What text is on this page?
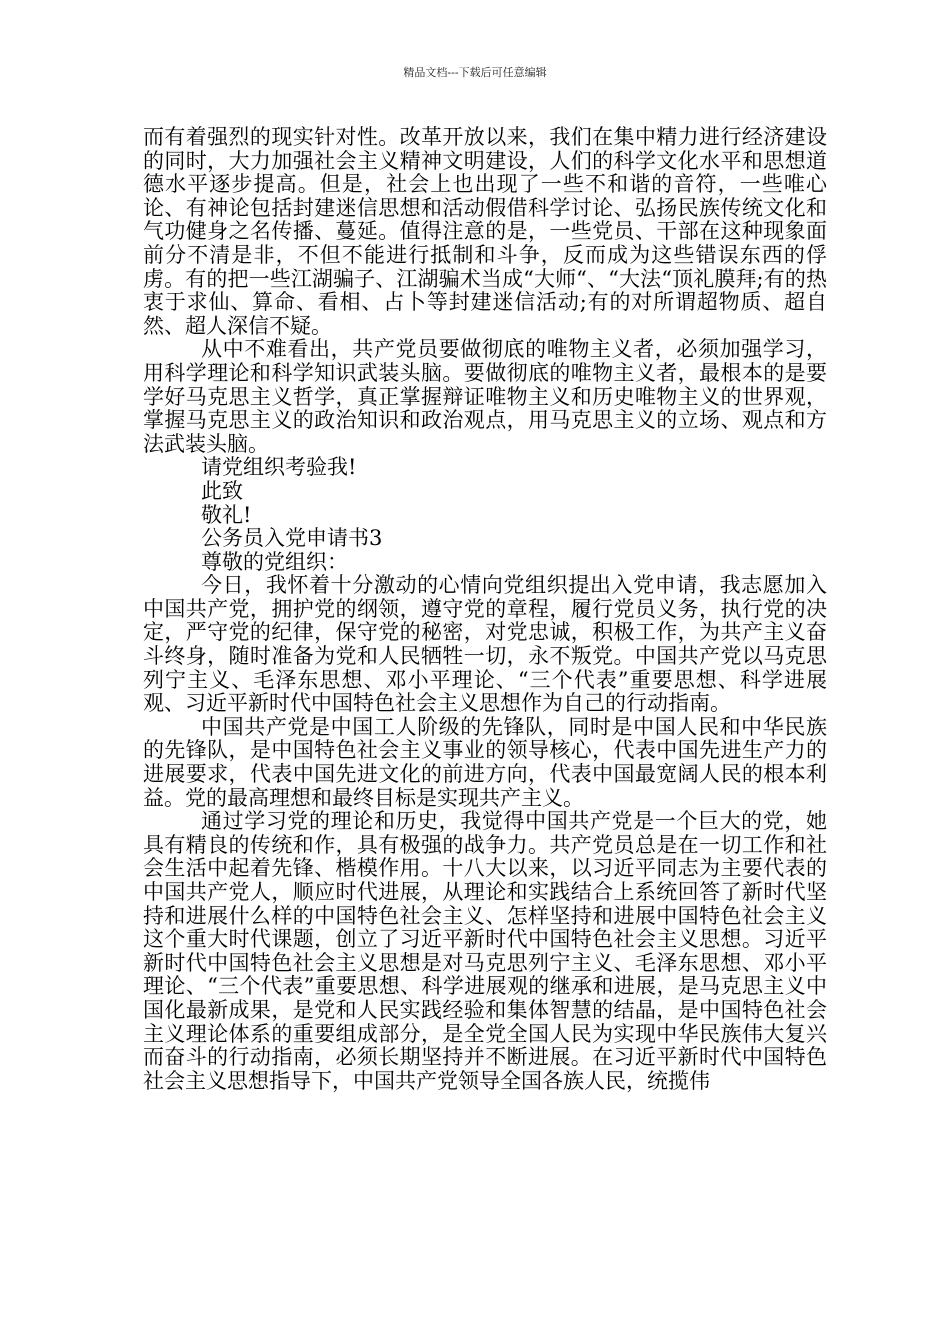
精品文档---下载后可任意编辑

而有着强烈的现实针对性。改革开放以来，我们在集中精力进行经济建设的同时，大力加强社会主义精神文明建设，人们的科学文化水平和思想道德水平逐步提高。但是，社会上也出现了一些不和谐的音符，一些唯心论、有神论包括封建迷信思想和活动假借科学讨论、弘扬民族传统文化和气功健身之名传播、蔓延。值得注意的是，一些党员、干部在这种现象面前分不清是非，不但不能进行抵制和斗争，反而成为这些错误东西的俘虏。有的把一些江湖骗子、江湖骗术当成“大师“、“大法“顶礼膜拜;有的热衷于求仙、算命、看相、占卜等封建迷信活动;有的对所谓超物质、超自然、超人深信不疑。

从中不难看出，共产党员要做彻底的唯物主义者，必须加强学习，用科学理论和科学知识武装头脑。要做彻底的唯物主义者，最根本的是要学好马克思主义哲学，真正掌握辩证唯物主义和历史唯物主义的世界观，掌握马克思主义的政治知识和政治观点，用马克思主义的立场、观点和方法武装头脑。

请党组织考验我!

此致

敬礼!

公务员入党申请书3

尊敬的党组织：

今日，我怀着十分激动的心情向党组织提出入党申请，我志愿加入中国共产党，拥护党的纲领，遵守党的章程，履行党员义务，执行党的决定，严守党的纪律，保守党的秘密，对党忠诚，积极工作，为共产主义奋斗终身，随时准备为党和人民牺牲一切，永不叛党。中国共产党以马克思列宁主义、毛泽东思想、邓小平理论、“三个代表”重要思想、科学进展观、习近平新时代中国特色社会主义思想作为自己的行动指南。

中国共产党是中国工人阶级的先锋队，同时是中国人民和中华民族的先锋队，是中国特色社会主义事业的领导核心，代表中国先进生产力的进展要求，代表中国先进文化的前进方向，代表中国最宽阔人民的根本利益。党的最高理想和最终目标是实现共产主义。

通过学习党的理论和历史，我觉得中国共产党是一个巨大的党，她具有精良的传统和作，具有极强的战争力。共产党员总是在一切工作和社会生活中起着先锋、楷模作用。十八大以来，以习近平同志为主要代表的中国共产党人，顺应时代进展，从理论和实践结合上系统回答了新时代坚持和进展什么样的中国特色社会主义、怎样坚持和进展中国特色社会主义这个重大时代课题，创立了习近平新时代中国特色社会主义思想。习近平新时代中国特色社会主义思想是对马克思列宁主义、毛泽东思想、邓小平理论、“三个代表”重要思想、科学进展观的继承和进展，是马克思主义中国化最新成果，是党和人民实践经验和集体智慧的结晶，是中国特色社会主义理论体系的重要组成部分，是全党全国人民为实现中华民族伟大复兴而奋斗的行动指南，必须长期坚持并不断进展。在习近平新时代中国特色社会主义思想指导下，中国共产党领导全国各族人民，统揽伟
